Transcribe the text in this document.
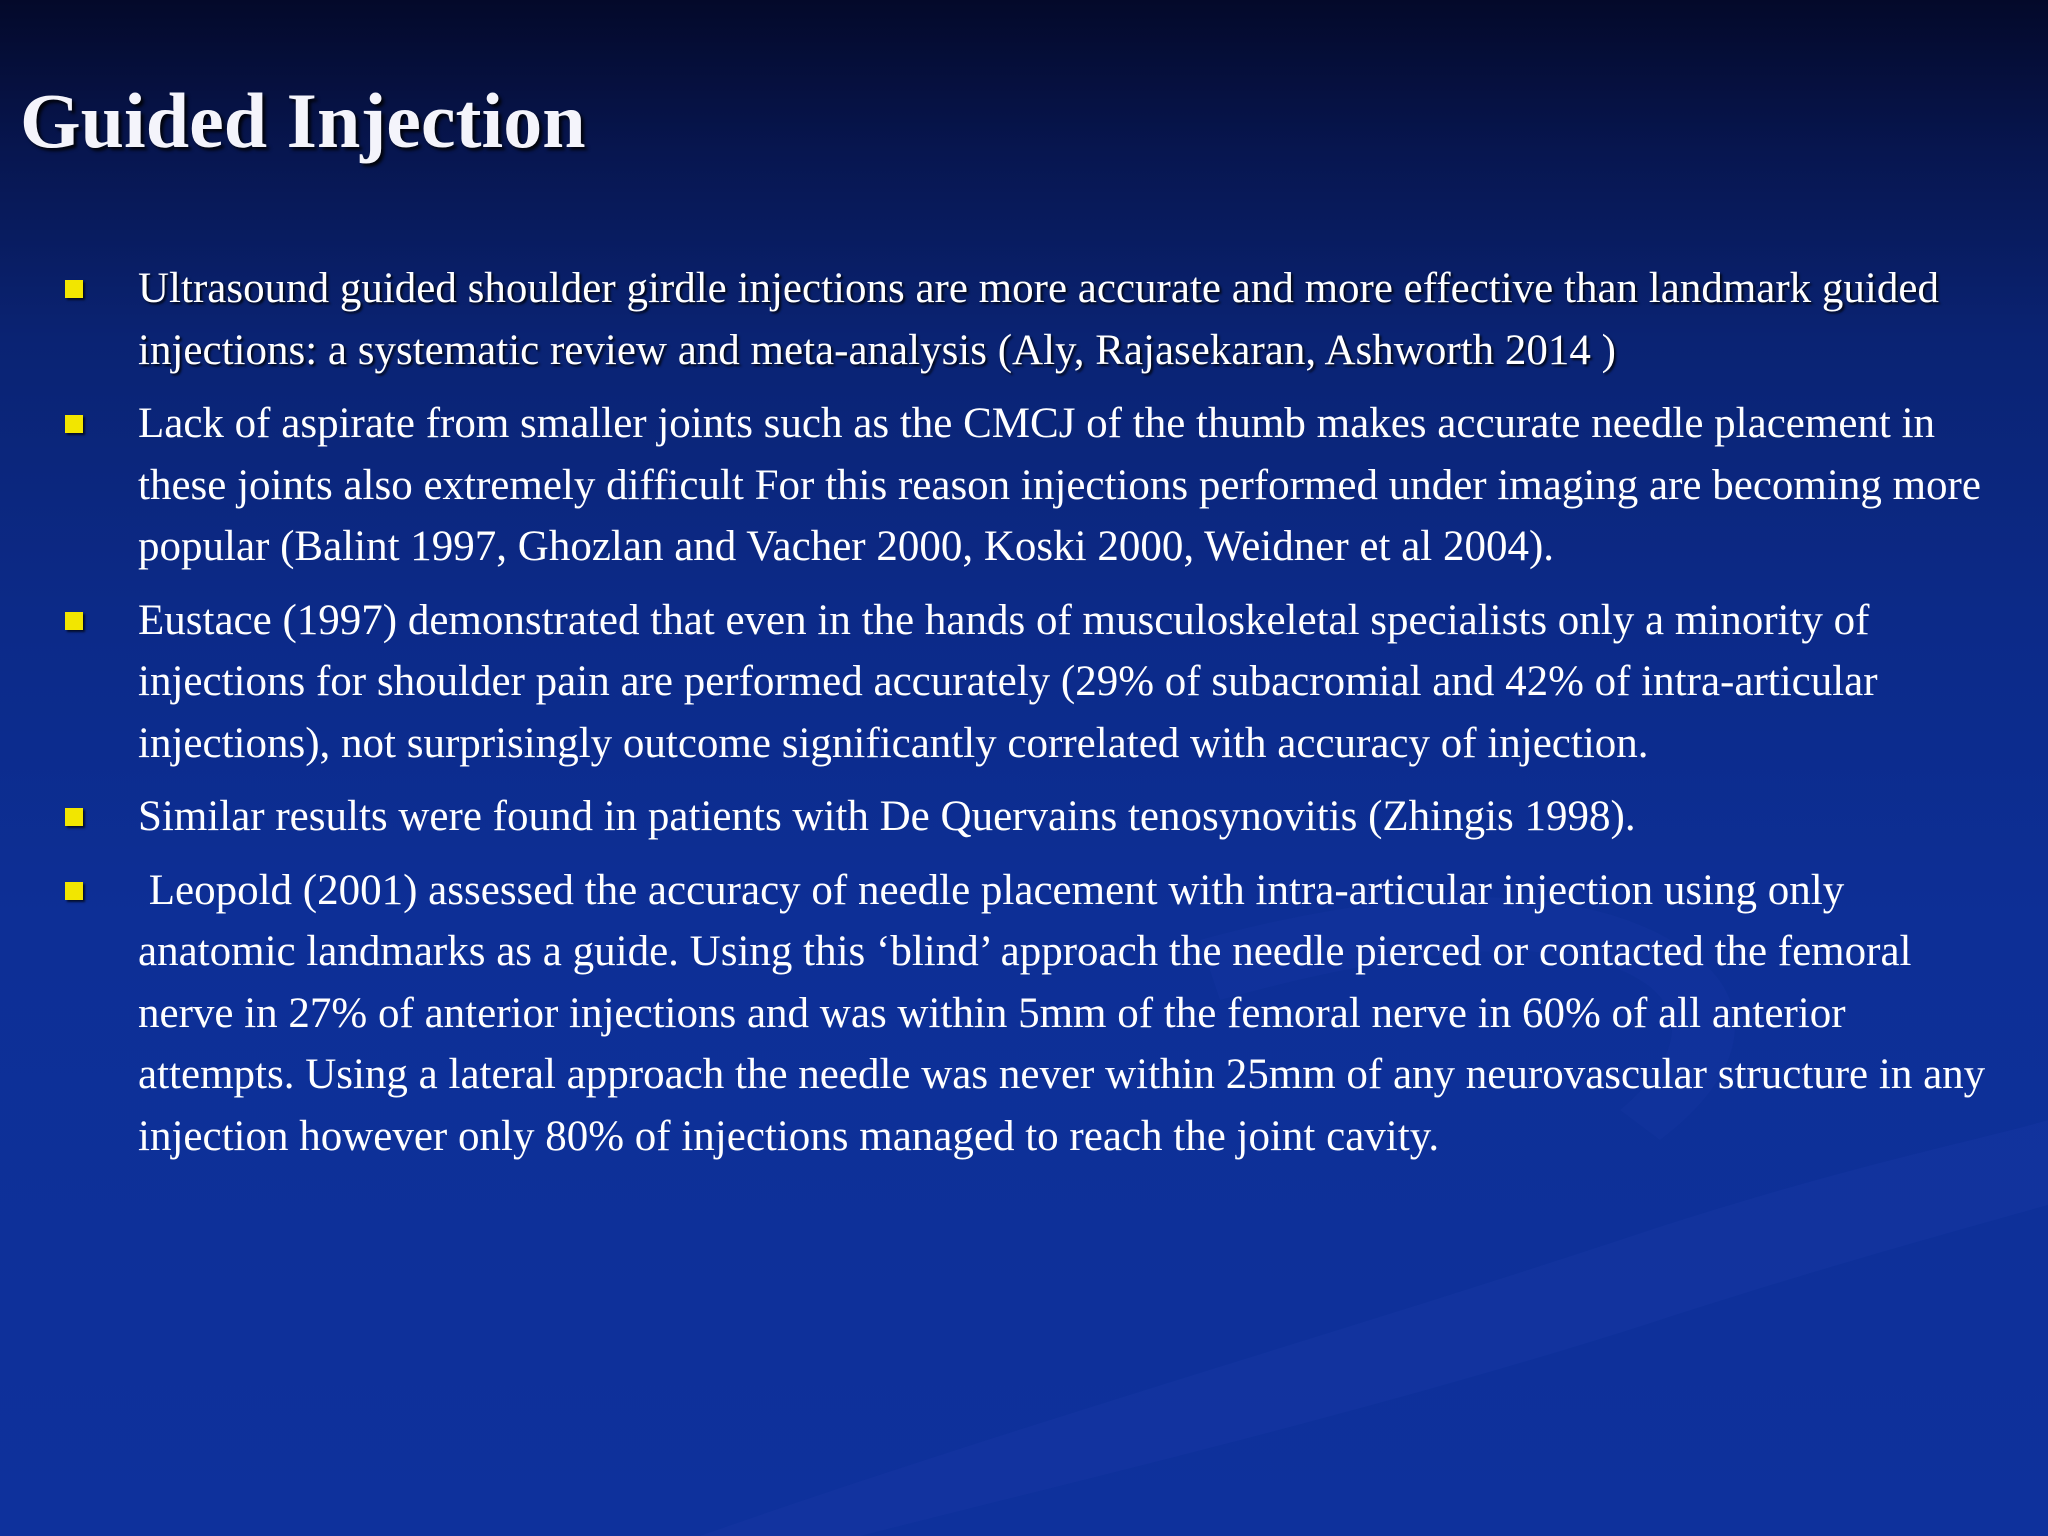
Guided Injection
Ultrasound guided shoulder girdle injections are more accurate and more effective than landmark guided injections: a systematic review and meta-analysis (Aly, Rajasekaran, Ashworth 2014 )
Lack of aspirate from smaller joints such as the CMCJ of the thumb makes accurate needle placement in these joints also extremely difficult For this reason injections performed under imaging are becoming more popular (Balint 1997, Ghozlan and Vacher 2000, Koski 2000, Weidner et al 2004).
Eustace (1997) demonstrated that even in the hands of musculoskeletal specialists only a minority of injections for shoulder pain are performed accurately (29% of subacromial and 42% of intra-articular injections), not surprisingly outcome significantly correlated with accuracy of injection.
Similar results were found in patients with De Quervains tenosynovitis (Zhingis 1998).
Leopold (2001) assessed the accuracy of needle placement with intra-articular injection using only anatomic landmarks as a guide. Using this ‘blind’ approach the needle pierced or contacted the femoral nerve in 27% of anterior injections and was within 5mm of the femoral nerve in 60% of all anterior attempts. Using a lateral approach the needle was never within 25mm of any neurovascular structure in any injection however only 80% of injections managed to reach the joint cavity.
